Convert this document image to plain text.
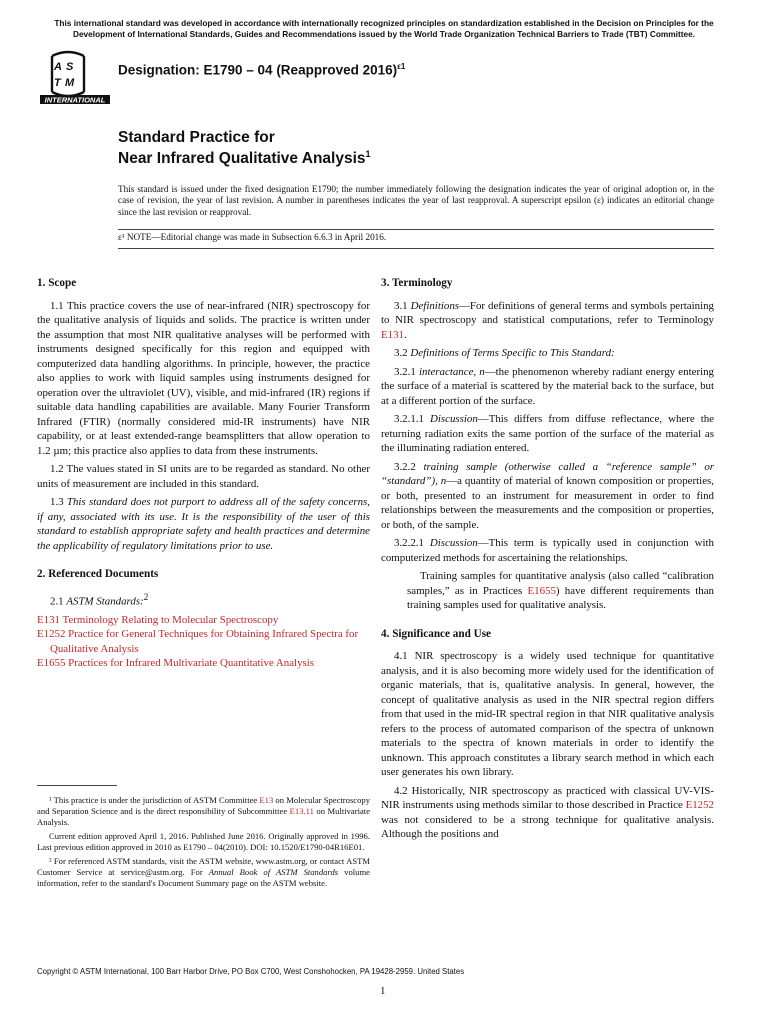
This international standard was developed in accordance with internationally recognized principles on standardization established in the Decision on Principles for the Development of International Standards, Guides and Recommendations issued by the World Trade Organization Technical Barriers to Trade (TBT) Committee.
A S
T M
INTERNATIONAL
Designation: E1790 – 04 (Reapproved 2016)$^{\varepsilon 1}$
Standard Practice for
Near Infrared Qualitative Analysis$^1$
This standard is issued under the fixed designation E1790; the number immediately following the designation indicates the year of original adoption or, in the case of revision, the year of last revision. A number in parentheses indicates the year of last reapproval. A superscript epsilon (ε) indicates an editorial change since the last revision or reapproval.
ε¹ NOTE—Editorial change was made in Subsection 6.6.3 in April 2016.
1. Scope

1.1 This practice covers the use of near-infrared (NIR) spectroscopy for the qualitative analysis of liquids and solids. The practice is written under the assumption that most NIR qualitative analyses will be performed with instruments designed specifically for this region and equipped with computerized data handling algorithms. In principle, however, the practice also applies to work with liquid samples using instruments designed for operation over the ultraviolet (UV), visible, and mid-infrared (IR) regions if suitable data handling capabilities are available. Many Fourier Transform Infrared (FTIR) (normally considered mid-IR instruments) have NIR capability, or at least extended-range beamsplitters that allow operation to 1.2 µm; this practice also applies to data from these instruments.

1.2 The values stated in SI units are to be regarded as standard. No other units of measurement are included in this standard.

1.3 This standard does not purport to address all of the safety concerns, if any, associated with its use. It is the responsibility of the user of this standard to establish appropriate safety and health practices and determine the applicability of regulatory limitations prior to use.

2. Referenced Documents

2.1 ASTM Standards:$^2$

E131 Terminology Relating to Molecular Spectroscopy
E1252 Practice for General Techniques for Obtaining Infrared Spectra for Qualitative Analysis
E1655 Practices for Infrared Multivariate Quantitative Analysis

¹ This practice is under the jurisdiction of ASTM Committee E13 on Molecular Spectroscopy and Separation Science and is the direct responsibility of Subcommittee E13.11 on Multivariate Analysis.

Current edition approved April 1, 2016. Published June 2016. Originally approved in 1996. Last previous edition approved in 2010 as E1790 – 04(2010). DOI: 10.1520/E1790-04R16E01.

² For referenced ASTM standards, visit the ASTM website, www.astm.org, or contact ASTM Customer Service at service@astm.org. For Annual Book of ASTM Standards volume information, refer to the standard's Document Summary page on the ASTM website.

3. Terminology

3.1 Definitions—For definitions of general terms and symbols pertaining to NIR spectroscopy and statistical computations, refer to Terminology E131.

3.2 Definitions of Terms Specific to This Standard:

3.2.1 interactance, n—the phenomenon whereby radiant energy entering the surface of a material is scattered by the material back to the surface, but at a different portion of the surface.

3.2.1.1 Discussion—This differs from diffuse reflectance, where the returning radiation exits the same portion of the surface of the material as the illuminating radiation entered.

3.2.2 training sample (otherwise called a “reference sample” or “standard”), n—a quantity of material of known composition or properties, or both, presented to an instrument for measurement in order to find relationships between the measurements and the composition or properties, or both, of the sample.

3.2.2.1 Discussion—This term is typically used in conjunction with computerized methods for ascertaining the relationships.

Training samples for quantitative analysis (also called “calibration samples,” as in Practices E1655) have different requirements than training samples used for qualitative analysis.

4. Significance and Use

4.1 NIR spectroscopy is a widely used technique for quantitative analysis, and it is also becoming more widely used for the identification of organic materials, that is, qualitative analysis. In general, however, the concept of qualitative analysis as used in the NIR spectral region differs from that used in the mid-IR spectral region in that NIR qualitative analysis refers to the process of automated comparison of the spectra of unknown materials to the spectra of known materials in order to identify the unknown. This approach constitutes a library search method in which each user generates his own library.

4.2 Historically, NIR spectroscopy as practiced with classical UV-VIS-NIR instruments using methods similar to those described in Practice E1252 was not considered to be a strong technique for qualitative analysis. Although the positions and

Copyright © ASTM International, 100 Barr Harbor Drive, PO Box C700, West Conshohocken, PA 19428-2959. United States
1
